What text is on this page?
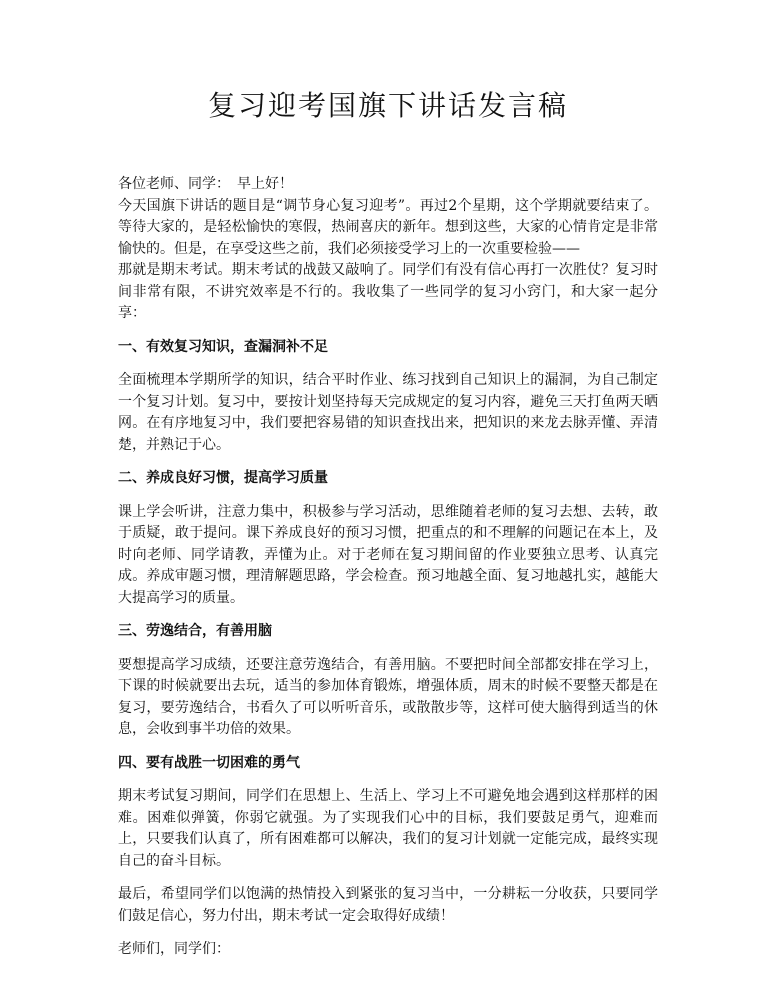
复习迎考国旗下讲话发言稿

各位老师、同学：　早上好！

今天国旗下讲话的题目是“调节身心复习迎考”。再过2个星期，这个学期就要结束了。等待大家的，是轻松愉快的寒假，热闹喜庆的新年。想到这些，大家的心情肯定是非常愉快的。但是，在享受这些之前，我们必须接受学习上的一次重要检验——

那就是期末考试。期末考试的战鼓又敲响了。同学们有没有信心再打一次胜仗？复习时间非常有限，不讲究效率是不行的。我收集了一些同学的复习小窍门，和大家一起分享：

一、有效复习知识，查漏洞补不足

全面梳理本学期所学的知识，结合平时作业、练习找到自己知识上的漏洞，为自己制定一个复习计划。复习中，要按计划坚持每天完成规定的复习内容，避免三天打鱼两天晒网。在有序地复习中，我们要把容易错的知识查找出来，把知识的来龙去脉弄懂、弄清楚，并熟记于心。

二、养成良好习惯，提高学习质量

课上学会听讲，注意力集中，积极参与学习活动，思维随着老师的复习去想、去转，敢于质疑，敢于提问。课下养成良好的预习习惯，把重点的和不理解的问题记在本上，及时向老师、同学请教，弄懂为止。对于老师在复习期间留的作业要独立思考、认真完成。养成审题习惯，理清解题思路，学会检查。预习地越全面、复习地越扎实，越能大大提高学习的质量。

三、劳逸结合，有善用脑

要想提高学习成绩，还要注意劳逸结合，有善用脑。不要把时间全部都安排在学习上，下课的时候就要出去玩，适当的参加体育锻炼，增强体质，周末的时候不要整天都是在复习，要劳逸结合，书看久了可以听听音乐，或散散步等，这样可使大脑得到适当的休息，会收到事半功倍的效果。

四、要有战胜一切困难的勇气

期末考试复习期间，同学们在思想上、生活上、学习上不可避免地会遇到这样那样的困难。困难似弹簧，你弱它就强。为了实现我们心中的目标，我们要鼓足勇气，迎难而上，只要我们认真了，所有困难都可以解决，我们的复习计划就一定能完成，最终实现自己的奋斗目标。

最后，希望同学们以饱满的热情投入到紧张的复习当中，一分耕耘一分收获，只要同学们鼓足信心，努力付出，期末考试一定会取得好成绩！

老师们，同学们：
